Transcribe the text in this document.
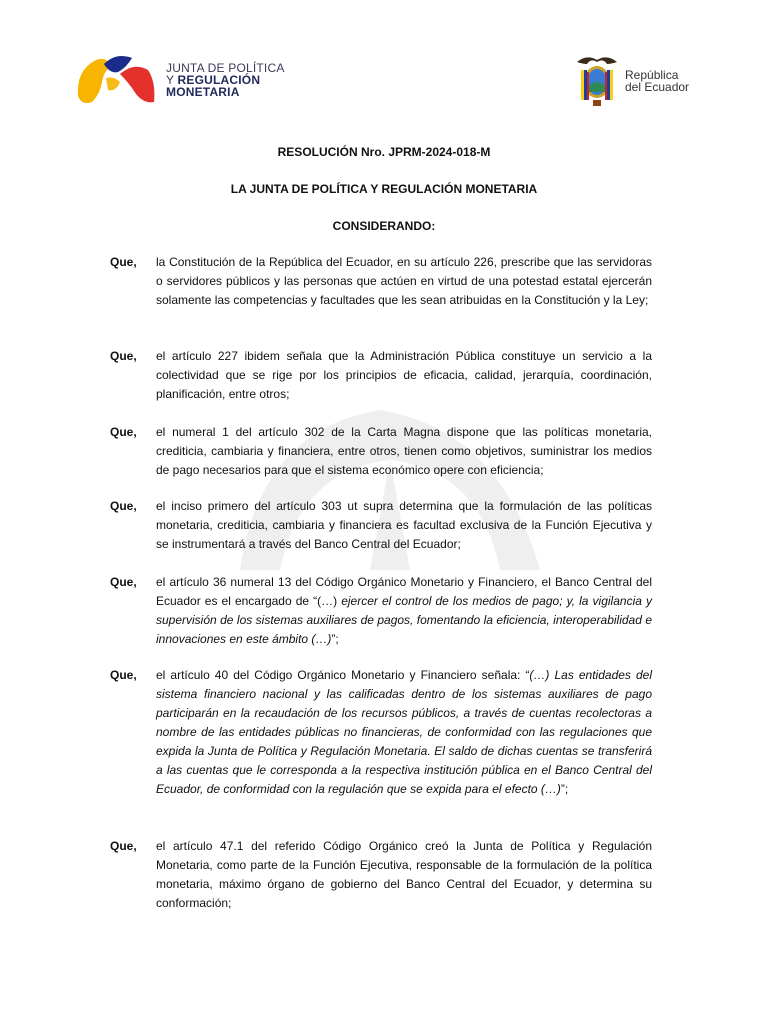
JUNTA DE POLÍTICA
Y REGULACIÓN
MONETARIA
República
del Ecuador
RESOLUCIÓN Nro. JPRM-2024-018-M
LA JUNTA DE POLÍTICA Y REGULACIÓN MONETARIA
CONSIDERANDO:
Que, la Constitución de la República del Ecuador, en su artículo 226, prescribe que las servidoras o servidores públicos y las personas que actúen en virtud de una potestad estatal ejercerán solamente las competencias y facultades que les sean atribuidas en la Constitución y la Ley;
Que, el artículo 227 ibidem señala que la Administración Pública constituye un servicio a la colectividad que se rige por los principios de eficacia, calidad, jerarquía, coordinación, planificación, entre otros;
Que, el numeral 1 del artículo 302 de la Carta Magna dispone que las políticas monetaria, crediticia, cambiaria y financiera, entre otros, tienen como objetivos, suministrar los medios de pago necesarios para que el sistema económico opere con eficiencia;
Que, el inciso primero del artículo 303 ut supra determina que la formulación de las políticas monetaria, crediticia, cambiaria y financiera es facultad exclusiva de la Función Ejecutiva y se instrumentará a través del Banco Central del Ecuador;
Que, el artículo 36 numeral 13 del Código Orgánico Monetario y Financiero, el Banco Central del Ecuador es el encargado de “(…) ejercer el control de los medios de pago; y, la vigilancia y supervisión de los sistemas auxiliares de pagos, fomentando la eficiencia, interoperabilidad e innovaciones en este ámbito (…)”;
Que, el artículo 40 del Código Orgánico Monetario y Financiero señala: “(…) Las entidades del sistema financiero nacional y las calificadas dentro de los sistemas auxiliares de pago participarán en la recaudación de los recursos públicos, a través de cuentas recolectoras a nombre de las entidades públicas no financieras, de conformidad con las regulaciones que expida la Junta de Política y Regulación Monetaria. El saldo de dichas cuentas se transferirá a las cuentas que le corresponda a la respectiva institución pública en el Banco Central del Ecuador, de conformidad con la regulación que se expida para el efecto (…)”;
Que, el artículo 47.1 del referido Código Orgánico creó la Junta de Política y Regulación Monetaria, como parte de la Función Ejecutiva, responsable de la formulación de la política monetaria, máximo órgano de gobierno del Banco Central del Ecuador, y determina su conformación;
